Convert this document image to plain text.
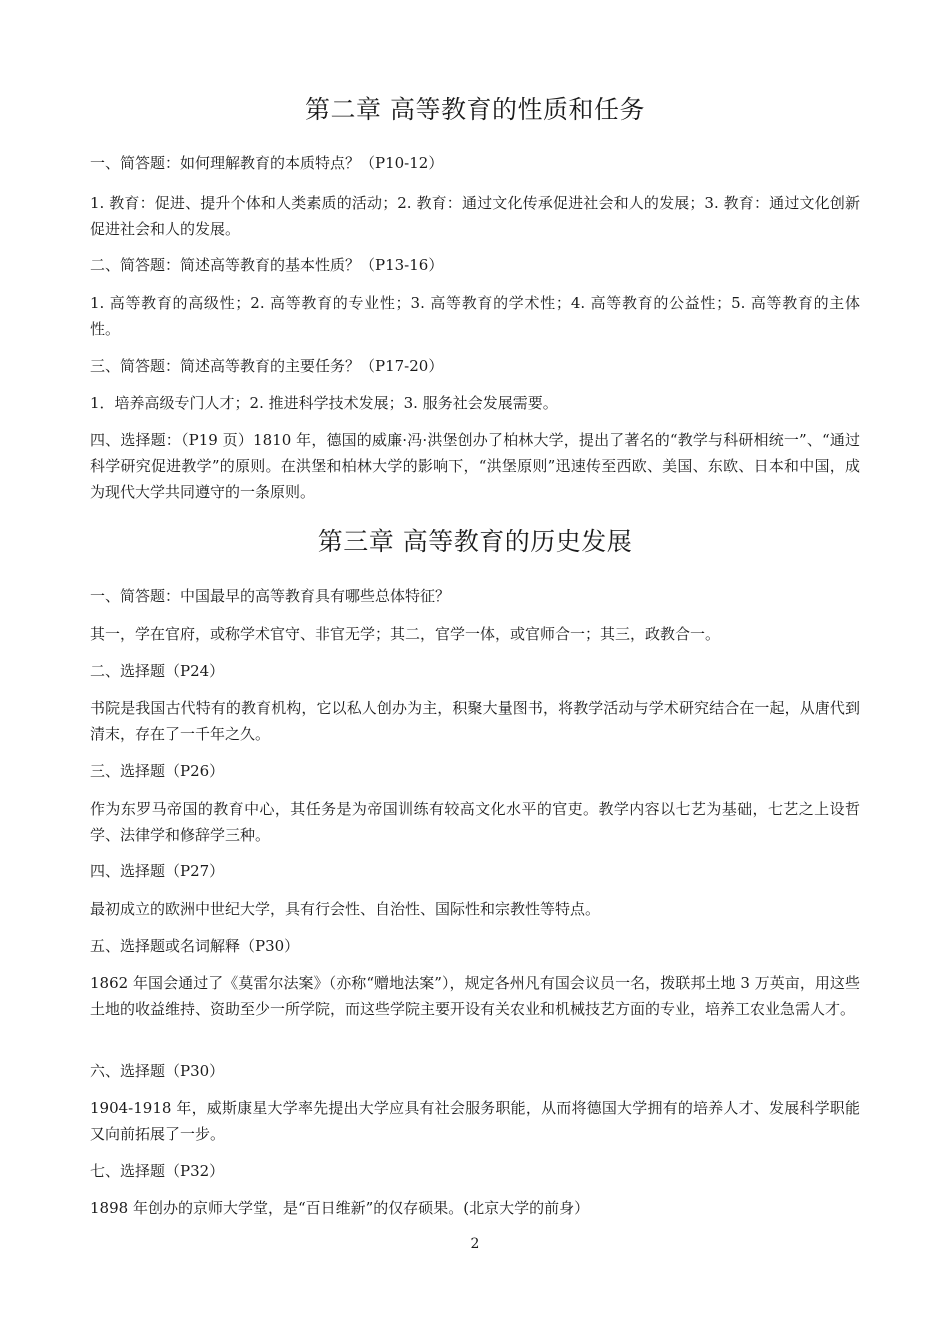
第二章 高等教育的性质和任务

一、简答题：如何理解教育的本质特点？（P10-12）

1. 教育：促进、提升个体和人类素质的活动；2. 教育：通过文化传承促进社会和人的发展；3. 教育：通过文化创新促进社会和人的发展。

二、简答题：简述高等教育的基本性质？（P13-16）

1. 高等教育的高级性；2. 高等教育的专业性；3. 高等教育的学术性；4. 高等教育的公益性；5. 高等教育的主体性。

三、简答题：简述高等教育的主要任务？（P17-20）

1．培养高级专门人才；2. 推进科学技术发展；3. 服务社会发展需要。

四、选择题：（P19 页）1810 年，德国的威廉·冯·洪堡创办了柏林大学，提出了著名的“教学与科研相统一”、“通过科学研究促进教学”的原则。在洪堡和柏林大学的影响下，“洪堡原则”迅速传至西欧、美国、东欧、日本和中国，成为现代大学共同遵守的一条原则。

第三章 高等教育的历史发展

一、简答题：中国最早的高等教育具有哪些总体特征？

其一，学在官府，或称学术官守、非官无学；其二，官学一体，或官师合一；其三，政教合一。

二、选择题（P24）

书院是我国古代特有的教育机构，它以私人创办为主，积聚大量图书，将教学活动与学术研究结合在一起，从唐代到清末，存在了一千年之久。

三、选择题（P26）

作为东罗马帝国的教育中心，其任务是为帝国训练有较高文化水平的官吏。教学内容以七艺为基础，七艺之上设哲学、法律学和修辞学三种。

四、选择题（P27）

最初成立的欧洲中世纪大学，具有行会性、自治性、国际性和宗教性等特点。

五、选择题或名词解释（P30）

1862 年国会通过了《莫雷尔法案》（亦称“赠地法案”），规定各州凡有国会议员一名，拨联邦土地 3 万英亩，用这些土地的收益维持、资助至少一所学院，而这些学院主要开设有关农业和机械技艺方面的专业，培养工农业急需人才。

六、选择题（P30）

1904-1918 年，威斯康星大学率先提出大学应具有社会服务职能，从而将德国大学拥有的培养人才、发展科学职能又向前拓展了一步。

七、选择题（P32）

1898 年创办的京师大学堂，是“百日维新”的仅存硕果。(北京大学的前身）

2
